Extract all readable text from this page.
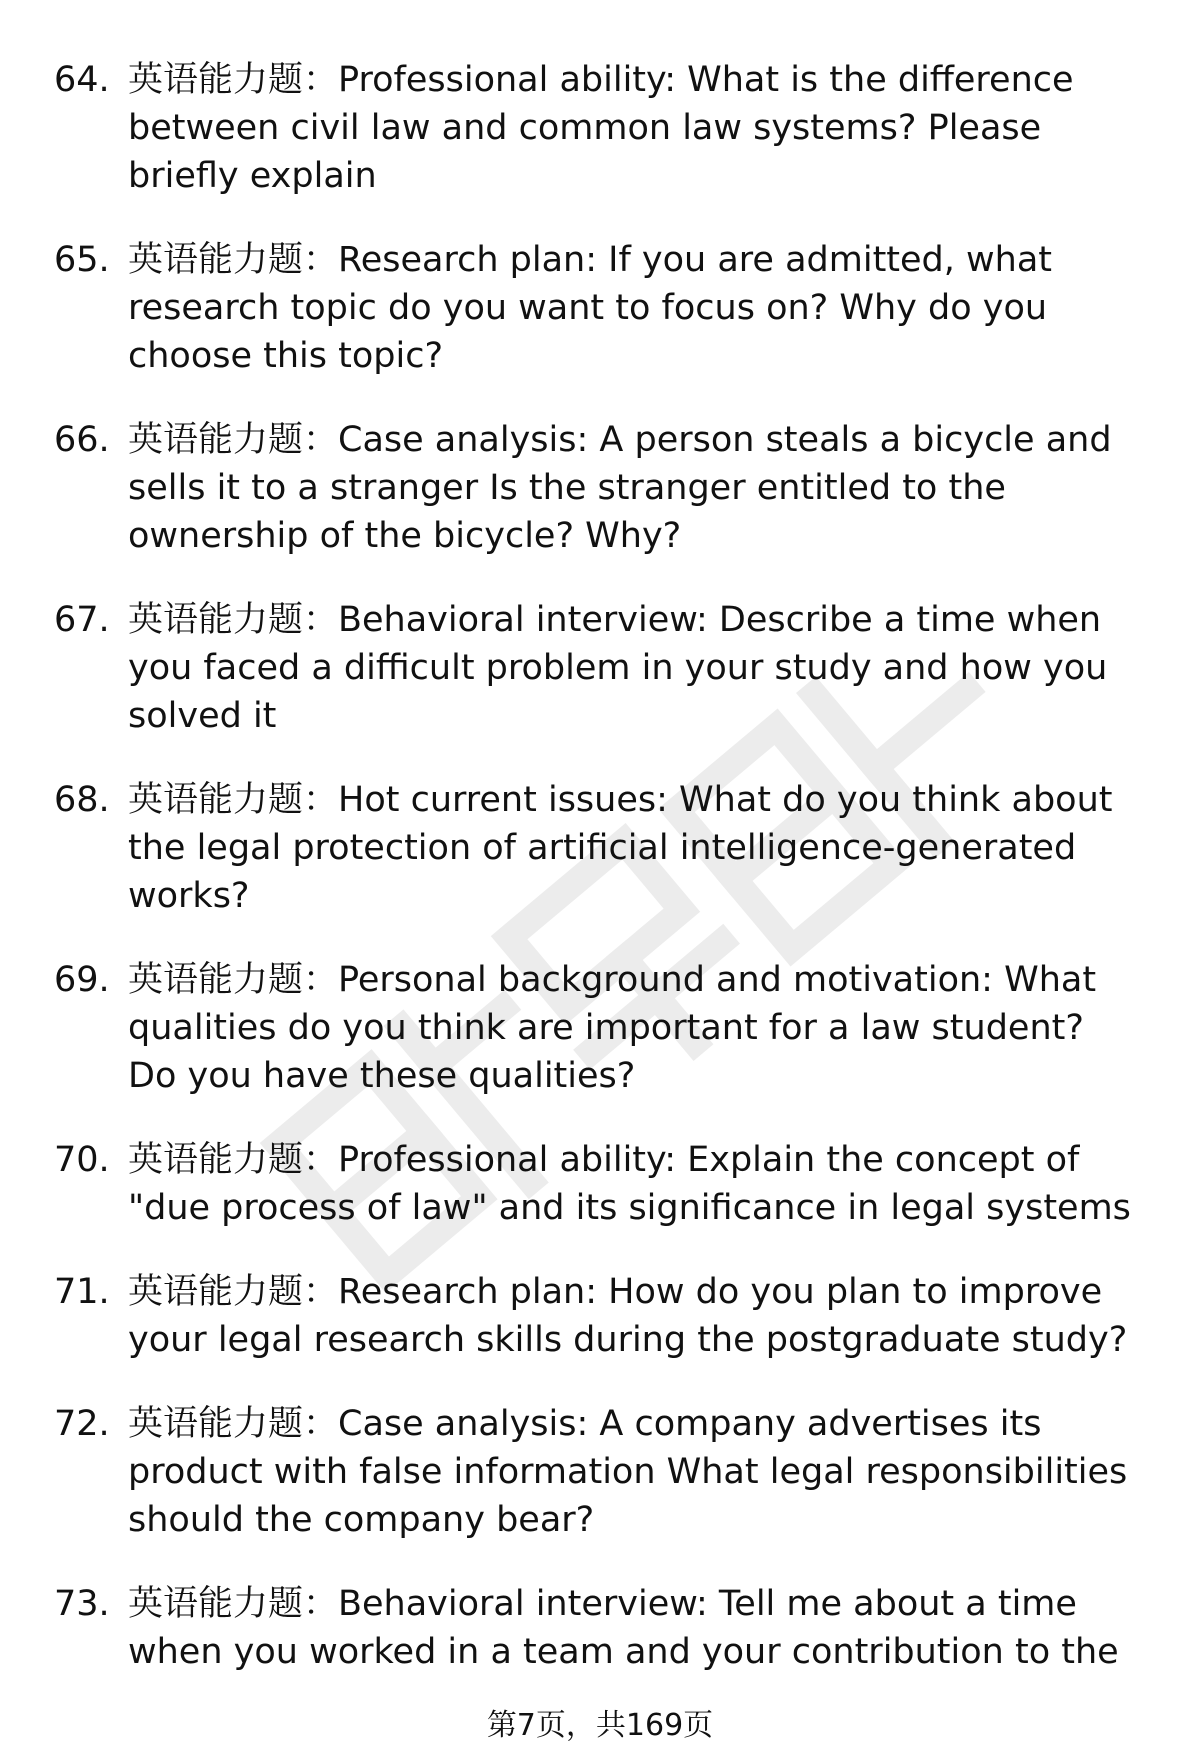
64. 英语能力题：Professional ability: What is the difference between civil law and common law systems? Please briefly explain
65. 英语能力题：Research plan: If you are admitted, what research topic do you want to focus on? Why do you choose this topic?
66. 英语能力题：Case analysis: A person steals a bicycle and sells it to a stranger Is the stranger entitled to the ownership of the bicycle? Why?
67. 英语能力题：Behavioral interview: Describe a time when you faced a difficult problem in your study and how you solved it
68. 英语能力题：Hot current issues: What do you think about the legal protection of artificial intelligence-generated works?
69. 英语能力题：Personal background and motivation: What qualities do you think are important for a law student? Do you have these qualities?
70. 英语能力题：Professional ability: Explain the concept of "due process of law" and its significance in legal systems
71. 英语能力题：Research plan: How do you plan to improve your legal research skills during the postgraduate study?
72. 英语能力题：Case analysis: A company advertises its product with false information What legal responsibilities should the company bear?
73. 英语能力题：Behavioral interview: Tell me about a time when you worked in a team and your contribution to the
第7页，共169页
